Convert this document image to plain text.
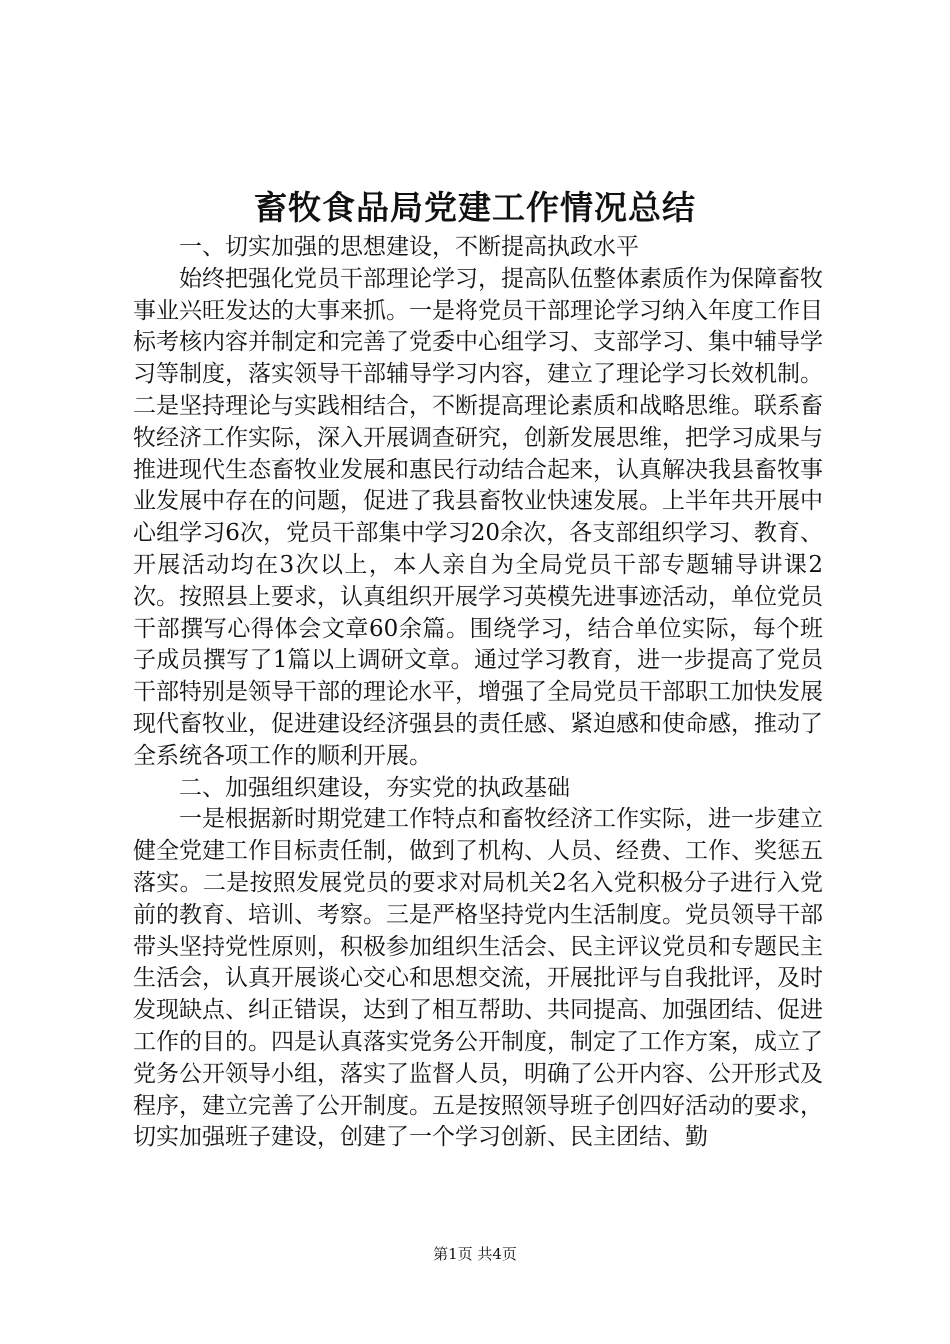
畜牧食品局党建工作情况总结

一、切实加强的思想建设，不断提高执政水平

始终把强化党员干部理论学习，提高队伍整体素质作为保障畜牧事业兴旺发达的大事来抓。一是将党员干部理论学习纳入年度工作目标考核内容并制定和完善了党委中心组学习、支部学习、集中辅导学习等制度，落实领导干部辅导学习内容，建立了理论学习长效机制。二是坚持理论与实践相结合，不断提高理论素质和战略思维。联系畜牧经济工作实际，深入开展调查研究，创新发展思维，把学习成果与推进现代生态畜牧业发展和惠民行动结合起来，认真解决我县畜牧事业发展中存在的问题，促进了我县畜牧业快速发展。上半年共开展中心组学习6次，党员干部集中学习20余次，各支部组织学习、教育、开展活动均在3次以上，本人亲自为全局党员干部专题辅导讲课2次。按照县上要求，认真组织开展学习英模先进事迹活动，单位党员干部撰写心得体会文章60余篇。围绕学习，结合单位实际，每个班子成员撰写了1篇以上调研文章。通过学习教育，进一步提高了党员干部特别是领导干部的理论水平，增强了全局党员干部职工加快发展现代畜牧业，促进建设经济强县的责任感、紧迫感和使命感，推动了全系统各项工作的顺利开展。

二、加强组织建设，夯实党的执政基础

一是根据新时期党建工作特点和畜牧经济工作实际，进一步建立健全党建工作目标责任制，做到了机构、人员、经费、工作、奖惩五落实。二是按照发展党员的要求对局机关2名入党积极分子进行入党前的教育、培训、考察。三是严格坚持党内生活制度。党员领导干部带头坚持党性原则，积极参加组织生活会、民主评议党员和专题民主生活会，认真开展谈心交心和思想交流，开展批评与自我批评，及时发现缺点、纠正错误，达到了相互帮助、共同提高、加强团结、促进工作的目的。四是认真落实党务公开制度，制定了工作方案，成立了党务公开领导小组，落实了监督人员，明确了公开内容、公开形式及程序，建立完善了公开制度。五是按照领导班子创四好活动的要求，切实加强班子建设，创建了一个学习创新、民主团结、勤

第1页 共4页
